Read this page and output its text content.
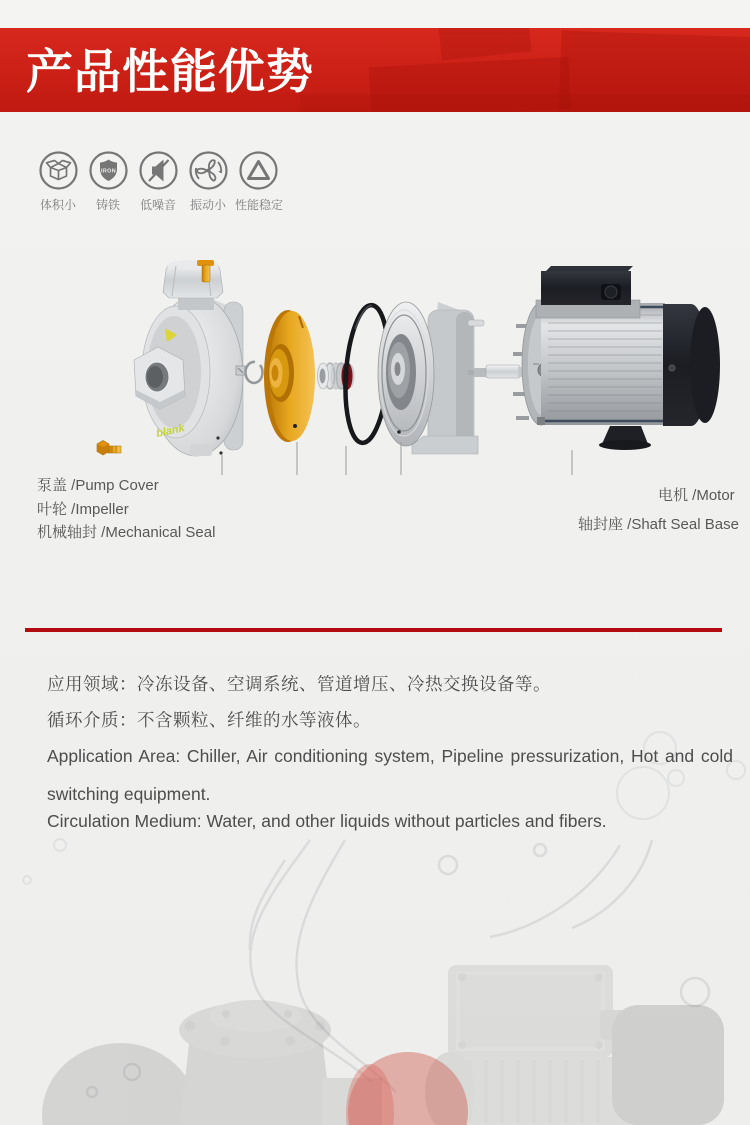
产品性能优势
体积小
IRON
铸铁	低噪音	振动小 性能稳定
blank
泵盖 /Pump Cover
叶轮 /Impeller
机械轴封 /Mechanical Seal
电机 /Motor
轴封座 /Shaft Seal Base

应用领域：冷冻设备、空调系统、管道增压、冷热交换设备等。

循环介质：不含颗粒、纤维的水等液体。

Application Area: Chiller, Air conditioning system, Pipeline pressurization, Hot and cold switching equipment.

Circulation Medium: Water, and other liquids without particles and fibers.
